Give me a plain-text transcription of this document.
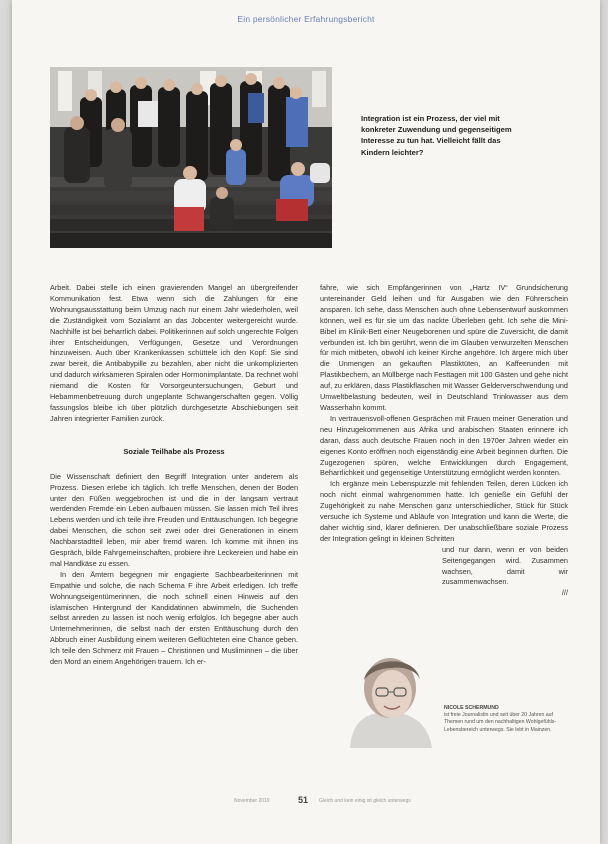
Ein persönlicher Erfahrungsbericht
Integration ist ein Prozess, der viel mit konkreter Zuwendung und gegenseitigem Interesse zu tun hat. Vielleicht fällt das Kindern leichter?

Arbeit. Dabei stelle ich einen gravierenden Mangel an übergreifender Kommunikation fest. Etwa wenn sich die Zahlungen für eine Wohnungsausstattung beim Umzug nach nur einem Jahr wiederholen, weil die Zuständigkeit vom Sozialamt an das Jobcenter weitergereicht wurde. Nachhilfe ist bei beharrlich dabei. Politikerinnen auf solch ungerechte Folgen ihrer Entscheidungen, Verfügungen, Gesetze und Verordnungen hinzuweisen. Auch über Krankenkassen schüttele ich den Kopf: Sie sind zwar bereit, die Antibabypille zu bezahlen, aber nicht die unkomplizierten und dadurch wirksameren Spiralen oder Hormonimplantate. Da rechnet wohl niemand die Kosten für Vorsorgeuntersuchungen, Geburt und Hebammenbetreuung durch ungeplante Schwangerschaften gegen. Völlig fassungslos bleibe ich über plötzlich durchgesetzte Abschiebungen seit Jahren integrierter Familien zurück.

Soziale Teilhabe als Prozess

Die Wissenschaft definiert den Begriff Integration unter anderem als Prozess. Diesen erlebe ich täglich. Ich treffe Menschen, denen der Boden unter den Füßen weggebrochen ist und die in der langsam vertraut werdenden Fremde ein Leben aufbauen müssen. Sie lassen mich Teil ihres Lebens werden und ich teile ihre Freuden und Enttäuschungen. Ich begegne dabei Menschen, die schon seit zwei oder drei Generationen in einem Nachbarstadtteil leben, mir aber fremd waren. Ich komme mit ihnen ins Gespräch, bilde Fahrgemeinschaften, probiere ihre Leckereien und habe ein mal Handkäse zu essen.

In den Ämtern begegnen mir engagierte Sachbearbeiterinnen mit Empathie und solche, die nach Schema F ihre Arbeit erledigen. Ich treffe Wohnungseigentümerinnen, die noch schnell einen Hinweis auf den islamischen Hintergrund der Kandidatinnen abwimmeln, die Suchenden selbst anreden zu lassen ist noch wenig erfolglos. Ich begegne aber auch Unternehmerinnen, die selbst nach der ersten Enttäuschung durch den Abbruch einer Ausbildung einem weiteren Geflüchteten eine Chance geben. Ich teile den Schmerz mit Frauen – Christinnen und Musliminnen – die über den Mord an einem Angehörigen trauern. Ich er-

fahre, wie sich Empfängerinnen von „Hartz IV“ Grundsicherung untereinander Geld leihen und für Ausgaben wie den Führerschein ansparen. Ich sehe, dass Menschen auch ohne Lebensentwurf auskommen können, weil es für sie um das nackte Überleben geht. Ich sehe die Mini-Bibel im Klinik-Bett einer Neugeborenen und spüre die Zuversicht, die damit verbunden ist. Ich bin gerührt, wenn die im Glauben verwurzelten Menschen für mich mitbeten, obwohl ich keiner Kirche angehöre. Ich ärgere mich über die Unmengen an gekauften Plastiktüten, an Kaffeerunden mit Plastikbechern, an Müllberge nach Festtagen mit 100 Gästen und gehe nicht auf, zu erklären, dass Plastikflaschen mit Wasser Gelderverschwendung und Umweltbelastung bedeuten, weil in Deutschland Trinkwasser aus dem Wasserhahn kommt.

In vertrauensvoll-offenen Gesprächen mit Frauen meiner Generation und neu Hinzugekommenen aus Afrika und arabischen Staaten erinnere ich daran, dass auch deutsche Frauen noch in den 1970er Jahren wieder ein eigenes Konto eröffnen noch eigenständig eine Arbeit beginnen durften. Die Zugezogenen spüren, welche Entwicklungen durch Engagement, Beharrlichkeit und gegenseitige Unterstützung ermöglicht werden konnten.

Ich ergänze mein Lebenspuzzle mit fehlenden Teilen, deren Lücken ich noch nicht einmal wahrgenommen hatte. Ich genieße ein Gefühl der Zugehörigkeit zu nahe Menschen ganz unterschiedlicher, Stück für Stück versuche ich Systeme und Abläufe von Integration und kann die Werte, die daher wichtig sind, klarer definieren. Der unabschließbare soziale Prozess der Integration gelingt in kleinen Schritten

und nur dann, wenn er von beiden Seitengegangen wird. Zusammen wachsen, damit wir zusammenwachsen.

///
NICOLE SCHERMUND
ist freie Journalistin und seit über 20 Jahren auf Themen rund um den nachhaltigen Wohlgefühls-Lebensbereich unterwegs. Sie lebt in Mainzen.
November 2019	51 Gleich und kein einig ist gleich unterwegs
